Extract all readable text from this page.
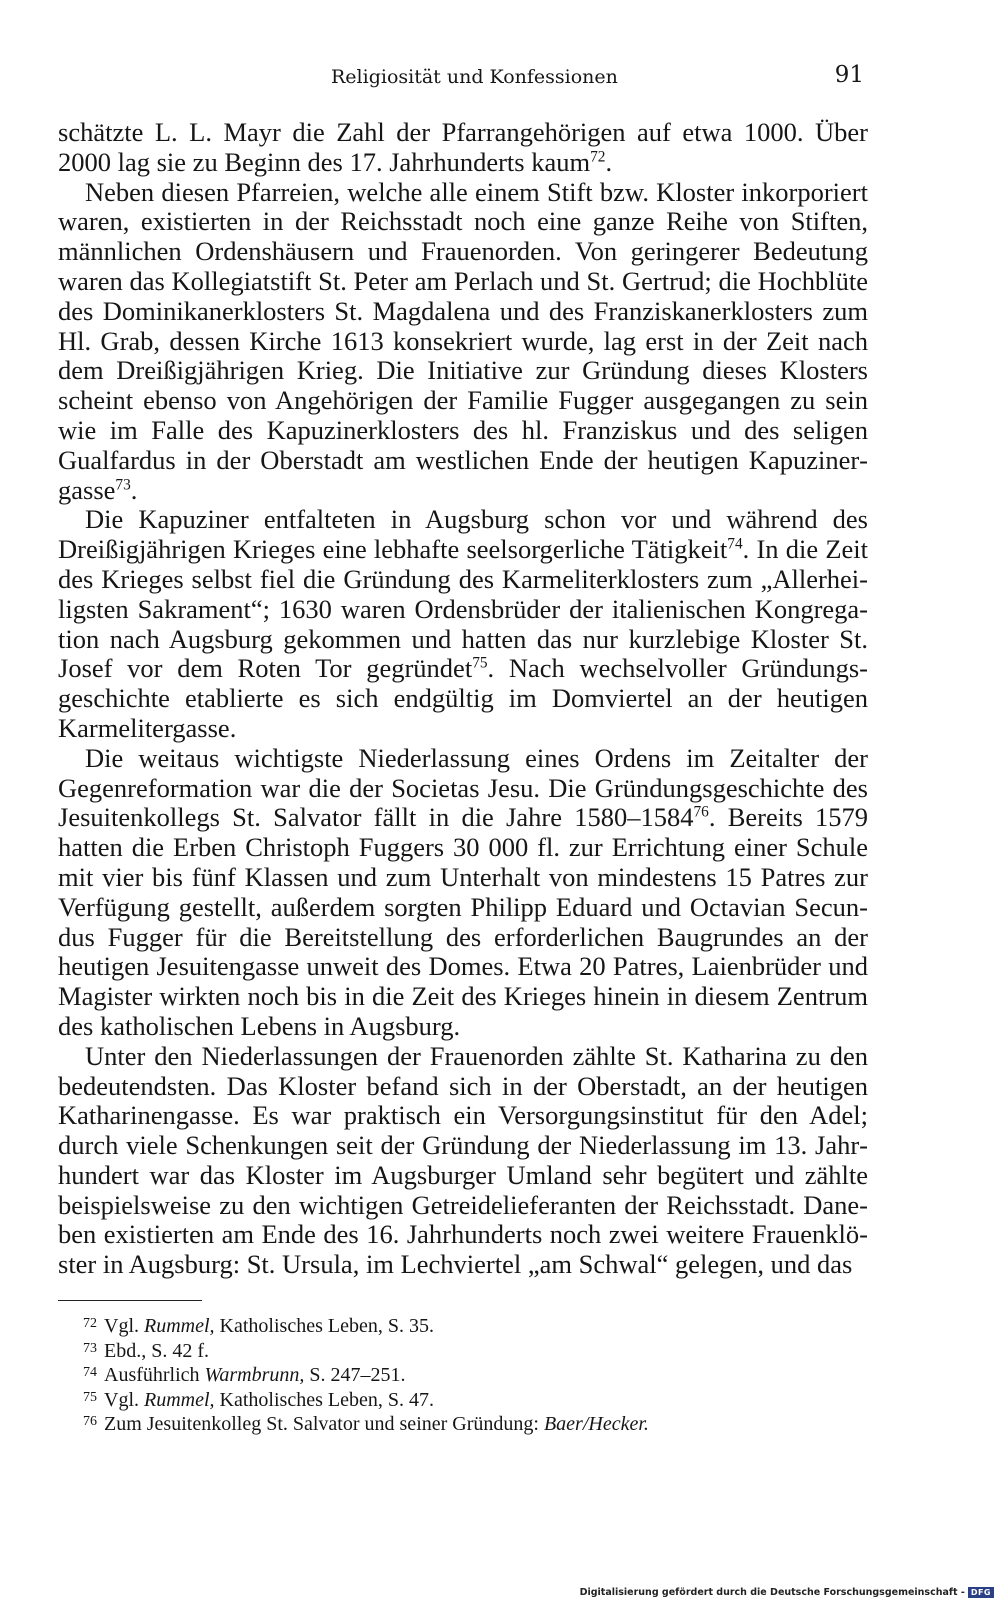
Religiosität und Konfessionen	91

schätzte L. L. Mayr die Zahl der Pfarrangehörigen auf etwa 1000. Über 2000 lag sie zu Beginn des 17. Jahrhunderts kaum$^{72}$.

Neben diesen Pfarreien, welche alle einem Stift bzw. Kloster inkorporiert waren, existierten in der Reichsstadt noch eine ganze Reihe von Stiften, männlichen Ordenshäusern und Frauenorden. Von geringerer Bedeutung waren das Kollegiatstift St. Peter am Perlach und St. Gertrud; die Hochblüte des Dominikanerklosters St. Magdalena und des Franziskanerklosters zum Hl. Grab, dessen Kirche 1613 konsekriert wurde, lag erst in der Zeit nach dem Dreißigjährigen Krieg. Die Initiative zur Gründung dieses Klosters scheint ebenso von Angehörigen der Familie Fugger ausgegangen zu sein wie im Falle des Kapuzinerklosters des hl. Franziskus und des seligen Gualfardus in der Oberstadt am westlichen Ende der heutigen Kapuzinergasse$^{73}$.

Die Kapuziner entfalteten in Augsburg schon vor und während des Dreißigjährigen Krieges eine lebhafte seelsorgerliche Tätigkeit$^{74}$. In die Zeit des Krieges selbst fiel die Gründung des Karmeliterklosters zum „Allerheiligsten Sakrament“; 1630 waren Ordensbrüder der italienischen Kongregation nach Augsburg gekommen und hatten das nur kurzlebige Kloster St. Josef vor dem Roten Tor gegründet$^{75}$. Nach wechselvoller Gründungsgeschichte etablierte es sich endgültig im Domviertel an der heutigen Karmelitergasse.

Die weitaus wichtigste Niederlassung eines Ordens im Zeitalter der Gegenreformation war die der Societas Jesu. Die Gründungsgeschichte des Jesuitenkollegs St. Salvator fällt in die Jahre 1580–1584$^{76}$. Bereits 1579 hatten die Erben Christoph Fuggers 30 000 fl. zur Errichtung einer Schule mit vier bis fünf Klassen und zum Unterhalt von mindestens 15 Patres zur Verfügung gestellt, außerdem sorgten Philipp Eduard und Octavian Secundus Fugger für die Bereitstellung des erforderlichen Baugrundes an der heutigen Jesuitengasse unweit des Domes. Etwa 20 Patres, Laienbrüder und Magister wirkten noch bis in die Zeit des Krieges hinein in diesem Zentrum des katholischen Lebens in Augsburg.

Unter den Niederlassungen der Frauenorden zählte St. Katharina zu den bedeutendsten. Das Kloster befand sich in der Oberstadt, an der heutigen Katharinengasse. Es war praktisch ein Versorgungsinstitut für den Adel; durch viele Schenkungen seit der Gründung der Niederlassung im 13. Jahrhundert war das Kloster im Augsburger Umland sehr begütert und zählte beispielsweise zu den wichtigen Getreidelieferanten der Reichsstadt. Daneben existierten am Ende des 16. Jahrhunderts noch zwei weitere Frauenklöster in Augsburg: St. Ursula, im Lechviertel „am Schwal“ gelegen, und das

$^{72}$ Vgl. Rummel, Katholisches Leben, S. 35.

$^{73}$ Ebd., S. 42 f.

$^{74}$ Ausführlich Warmbrunn, S. 247–251.

$^{75}$ Vgl. Rummel, Katholisches Leben, S. 47.

$^{76}$ Zum Jesuitenkolleg St. Salvator und seiner Gründung: Baer/Hecker.

Digitalisierung gefördert durch die Deutsche Forschungsgemeinschaft - DFG
